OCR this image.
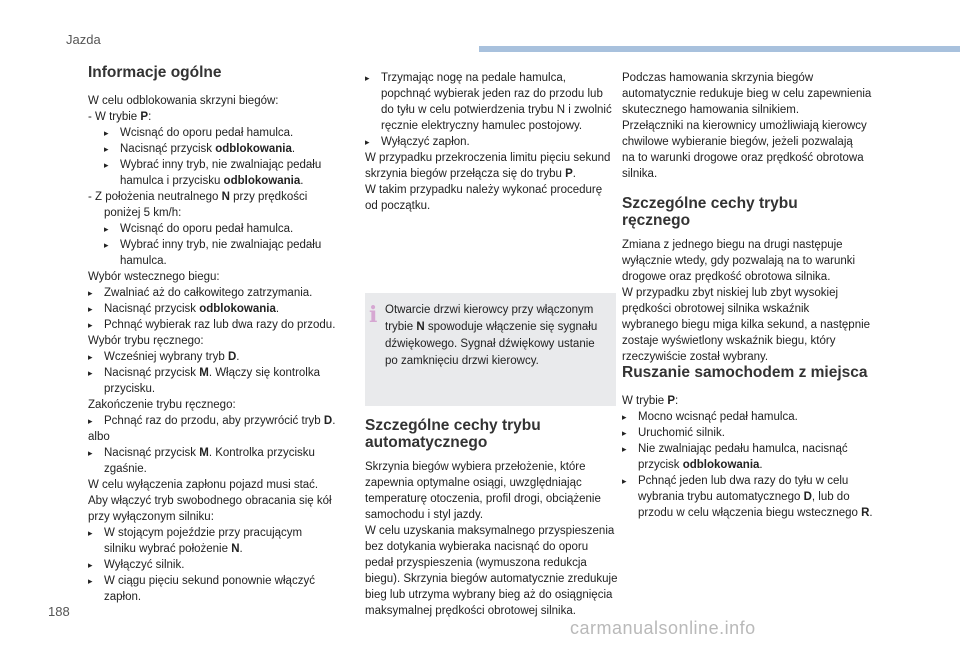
Jazda
Informacje ogólne
W celu odblokowania skrzyni biegów:
- W trybie P:
▸ Wcisnąć do oporu pedał hamulca.
▸ Nacisnąć przycisk odblokowania.
▸ Wybrać inny tryb, nie zwalniając pedału
hamulca i przycisku odblokowania.
- Z położenia neutralnego N przy prędkości
poniżej 5 km/h:
▸ Wcisnąć do oporu pedał hamulca.
▸ Wybrać inny tryb, nie zwalniając pedału
hamulca.
Wybór wstecznego biegu:
▸ Zwalniać aż do całkowitego zatrzymania.
▸ Nacisnąć przycisk odblokowania.
▸ Pchnąć wybierak raz lub dwa razy do przodu.
Wybór trybu ręcznego:
▸ Wcześniej wybrany tryb D.
▸ Nacisnąć przycisk M. Włączy się kontrolka
przycisku.
Zakończenie trybu ręcznego:
▸ Pchnąć raz do przodu, aby przywrócić tryb D.
albo
▸ Nacisnąć przycisk M. Kontrolka przycisku
zgaśnie.
W celu wyłączenia zapłonu pojazd musi stać.
Aby włączyć tryb swobodnego obracania się kół
przy wyłączonym silniku:
▸ W stojącym pojeździe przy pracującym
silniku wybrać położenie N.
▸ Wyłączyć silnik.
▸ W ciągu pięciu sekund ponownie włączyć
zapłon.
▸ Trzymając nogę na pedale hamulca,
popchnąć wybierak jeden raz do przodu lub
do tyłu w celu potwierdzenia trybu N i zwolnić
ręcznie elektryczny hamulec postojowy.
▸ Wyłączyć zapłon.
W przypadku przekroczenia limitu pięciu sekund
skrzynia biegów przełącza się do trybu P.
W takim przypadku należy wykonać procedurę
od początku.
i Otwarcie drzwi kierowcy przy włączonym
trybie N spowoduje włączenie się sygnału
dźwiękowego. Sygnał dźwiękowy ustanie
po zamknięciu drzwi kierowcy.
Szczególne cechy trybu
automatycznego
Skrzynia biegów wybiera przełożenie, które
zapewnia optymalne osiągi, uwzględniając
temperaturę otoczenia, profil drogi, obciążenie
samochodu i styl jazdy.
W celu uzyskania maksymalnego przyspieszenia
bez dotykania wybieraka nacisnąć do oporu
pedał przyspieszenia (wymuszona redukcja
biegu). Skrzynia biegów automatycznie zredukuje
bieg lub utrzyma wybrany bieg aż do osiągnięcia
maksymalnej prędkości obrotowej silnika.
Podczas hamowania skrzynia biegów
automatycznie redukuje bieg w celu zapewnienia
skutecznego hamowania silnikiem.
Przełączniki na kierownicy umożliwiają kierowcy
chwilowe wybieranie biegów, jeżeli pozwalają
na to warunki drogowe oraz prędkość obrotowa
silnika.
Szczególne cechy trybu
ręcznego
Zmiana z jednego biegu na drugi następuje
wyłącznie wtedy, gdy pozwalają na to warunki
drogowe oraz prędkość obrotowa silnika.
W przypadku zbyt niskiej lub zbyt wysokiej
prędkości obrotowej silnika wskaźnik
wybranego biegu miga kilka sekund, a następnie
zostaje wyświetlony wskaźnik biegu, który
rzeczywiście został wybrany.
Ruszanie samochodem z miejsca
W trybie P:
▸ Mocno wcisnąć pedał hamulca.
▸ Uruchomić silnik.
▸ Nie zwalniając pedału hamulca, nacisnąć
przycisk odblokowania.
▸ Pchnąć jeden lub dwa razy do tyłu w celu
wybrania trybu automatycznego D, lub do
przodu w celu włączenia biegu wstecznego R.
188
carmanualsonline.info
